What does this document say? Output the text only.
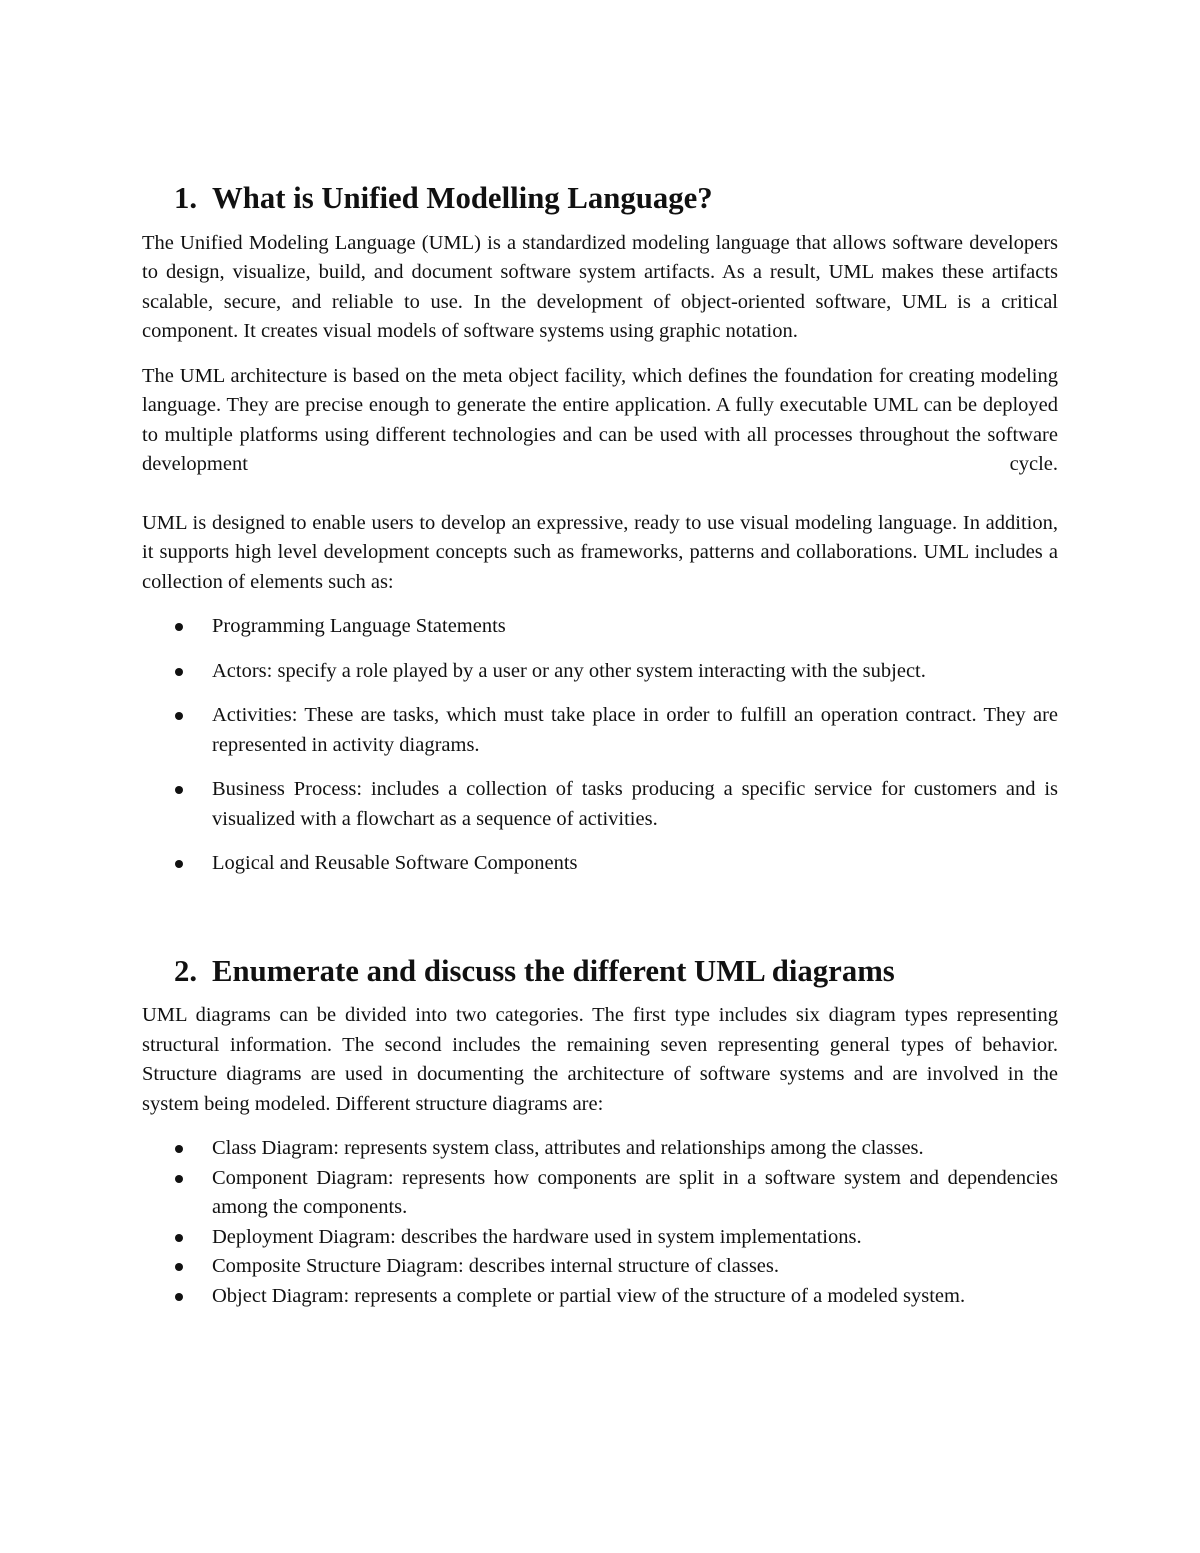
1. What is Unified Modelling Language?

The Unified Modeling Language (UML) is a standardized modeling language that allows software developers to design, visualize, build, and document software system artifacts. As a result, UML makes these artifacts scalable, secure, and reliable to use. In the development of object-oriented software, UML is a critical component. It creates visual models of software systems using graphic notation.

The UML architecture is based on the meta object facility, which defines the foundation for creating modeling language. They are precise enough to generate the entire application. A fully executable UML can be deployed to multiple platforms using different technologies and can be used with all processes throughout the software development cycle.

UML is designed to enable users to develop an expressive, ready to use visual modeling language. In addition, it supports high level development concepts such as frameworks, patterns and collaborations. UML includes a collection of elements such as:

Programming Language Statements
Actors: specify a role played by a user or any other system interacting with the subject.
Activities: These are tasks, which must take place in order to fulfill an operation contract. They are represented in activity diagrams.
Business Process: includes a collection of tasks producing a specific service for customers and is visualized with a flowchart as a sequence of activities.
Logical and Reusable Software Components
2. Enumerate and discuss the different UML diagrams

UML diagrams can be divided into two categories. The first type includes six diagram types representing structural information. The second includes the remaining seven representing general types of behavior. Structure diagrams are used in documenting the architecture of software systems and are involved in the system being modeled. Different structure diagrams are:

Class Diagram: represents system class, attributes and relationships among the classes.
Component Diagram: represents how components are split in a software system and dependencies among the components.
Deployment Diagram: describes the hardware used in system implementations.
Composite Structure Diagram: describes internal structure of classes.
Object Diagram: represents a complete or partial view of the structure of a modeled system.
